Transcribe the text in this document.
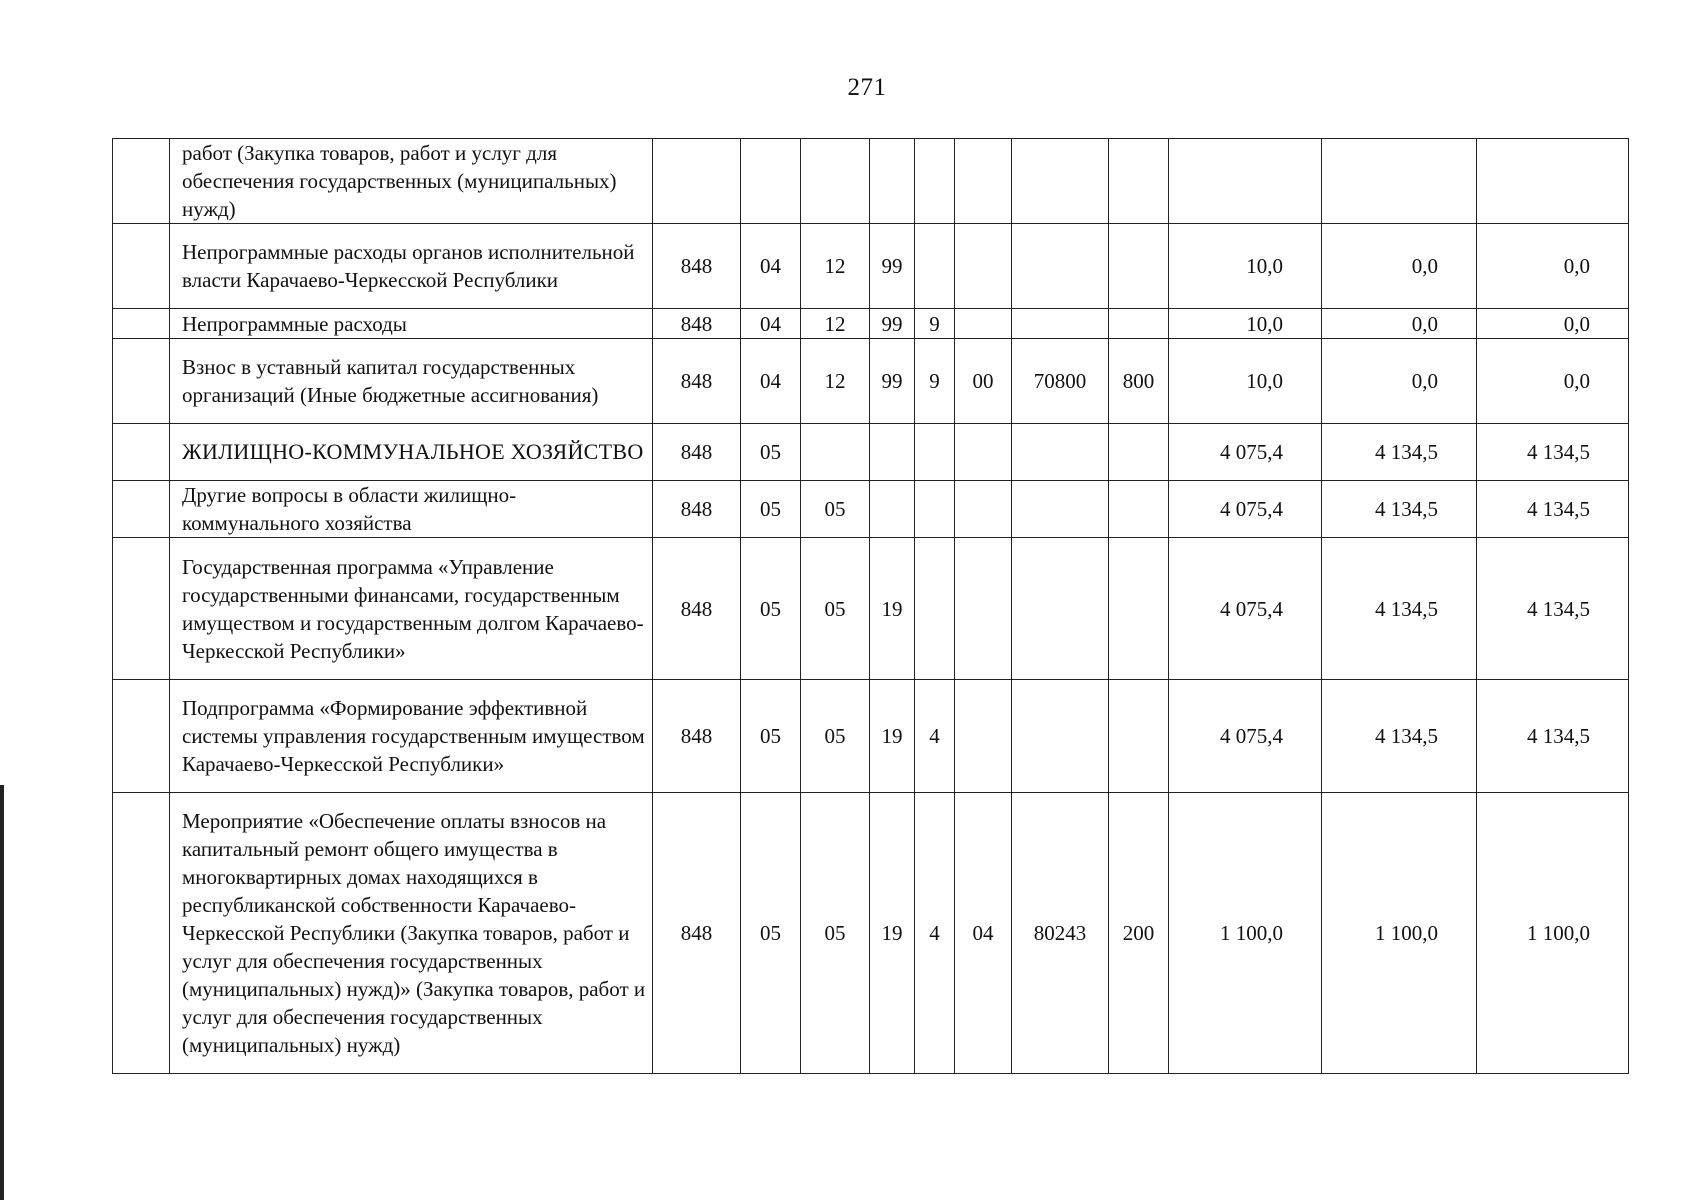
271
	работ (Закупка товаров, работ и услуг для обеспечения государственных (муниципальных) нужд)											
	Непрограммные расходы органов исполнительной власти Карачаево-Черкесской Республики	848	04	12	99					10,0	0,0	0,0
	Непрограммные расходы	848	04	12	99	9				10,0	0,0	0,0
	Взнос в уставный капитал государственных организаций (Иные бюджетные ассигнования)	848	04	12	99	9	00	70800	800	10,0	0,0	0,0
	ЖИЛИЩНО-КОММУНАЛЬНОЕ ХОЗЯЙСТВО	848	05							4 075,4	4 134,5	4 134,5
	Другие вопросы в области жилищно-коммунального хозяйства	848	05	05						4 075,4	4 134,5	4 134,5
	Государственная программа «Управление государственными финансами, государственным имуществом и государственным долгом Карачаево-Черкесской Республики»	848	05	05	19					4 075,4	4 134,5	4 134,5
	Подпрограмма «Формирование эффективной системы управления государственным имуществом Карачаево-Черкесской Республики»	848	05	05	19	4				4 075,4	4 134,5	4 134,5
	Мероприятие «Обеспечение оплаты взносов на капитальный ремонт общего имущества в многоквартирных домах находящихся в республиканской собственности Карачаево-Черкесской Республики (Закупка товаров, работ и услуг для обеспечения государственных (муниципальных) нужд)» (Закупка товаров, работ и услуг для обеспечения государственных (муниципальных) нужд)	848	05	05	19	4	04	80243	200	1 100,0	1 100,0	1 100,0
